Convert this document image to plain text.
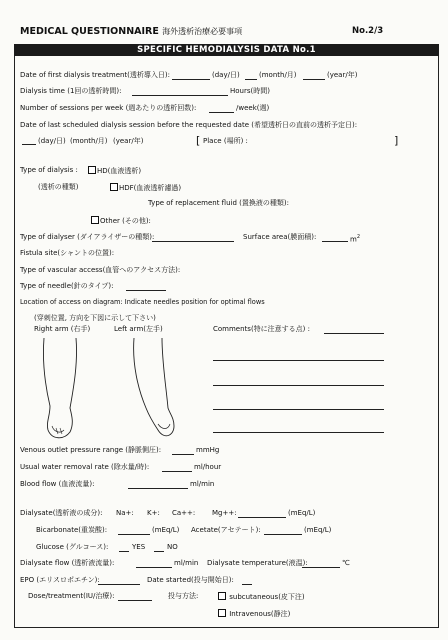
MEDICAL QUESTIONNAIRE 海外透析治療必要事項	No.2/3
SPECIFIC HEMODIALYSIS DATA No.1
Date of first dialysis treatment(透析導入日):	(day/日)	(month/月)	(year/年)
Dialysis time (1回の透析時間):	Hours(時間)
Number of sessions per week (週あたりの透析回数):	/week(週)
Date of last scheduled dialysis session before the requested date (希望透析日の直前の透析予定日):
(day/日) (month/月) (year/年)	[ Place (場所) :	]
Type of dialysis :	HD(血液透析)
(透析の種類)	HDF(血液透析濾過)
Type of replacement fluid (置換液の種類):
Other (その他):
Type of dialyser (ダイアライザーの種類):	Surface area(膜面積):	$m^2$
Fistula site(シャントの位置):
Type of vascular access(血管へのアクセス方法):
Type of needle(針のタイプ):
Location of access on diagram: Indicate needles position for optimal flows
(穿刺位置, 方向を下図に示して下さい)
Right arm (右手)	Left arm(左手)	Comments(特に注意する点) :
Venous outlet pressure range (静脈側圧):	mmHg
Usual water removal rate (除水量/時):	ml/hour
Blood flow (血液流量):	ml/min
Dialysate(透析液の成分): Na+: K+: Ca++: Mg++:	(mEq/L)
Bicarbonate(重炭酸):	(mEq/L) Acetate(アセテート):	(mEq/L)
Glucose (グルコース):	YES	NO
Dialysate flow (透析液流量):	ml/min Dialysate temperature(液温):	℃
EPO (エリスロポエチン):	Date started(投与開始日):
Dose/treatment(IU/治療):	投与方法:	subcutaneous(皮下注)
Intravenous(静注)
